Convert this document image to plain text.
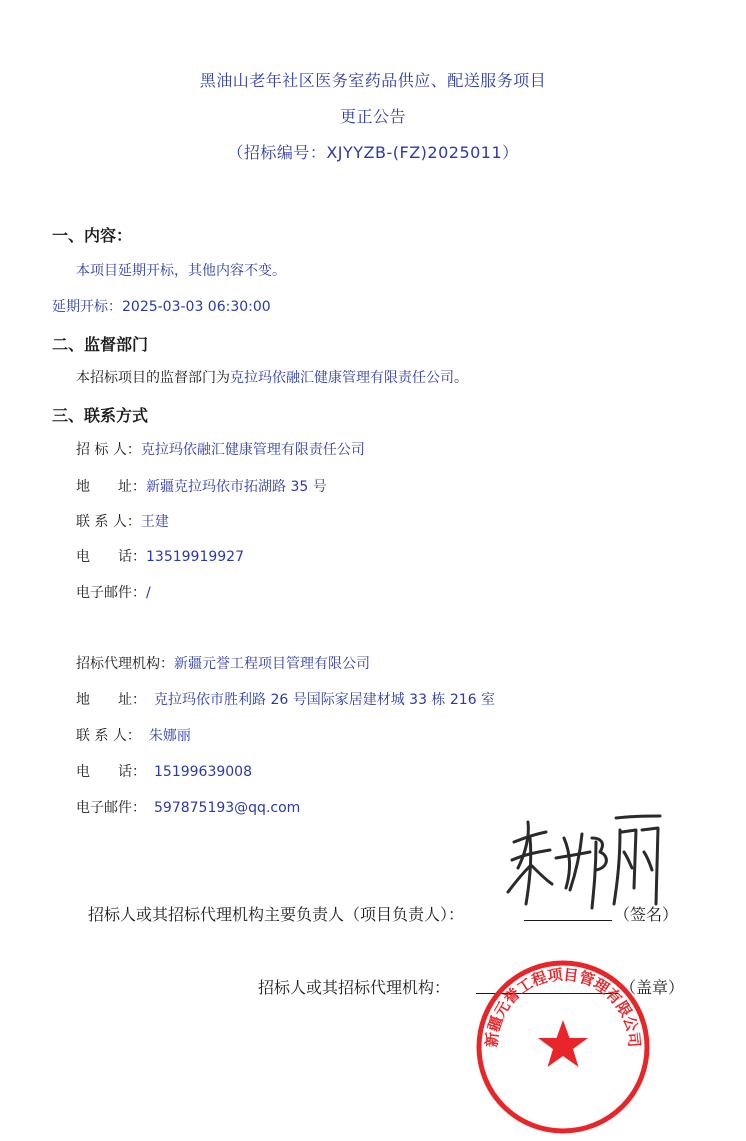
黑油山老年社区医务室药品供应、配送服务项目
更正公告
（招标编号：XJYYZB-(FZ)2025011）
一、内容：
本项目延期开标，其他内容不变。
延期开标：2025-03-03 06:30:00
二、监督部门
本招标项目的监督部门为克拉玛依融汇健康管理有限责任公司。
三、联系方式
招 标 人：克拉玛依融汇健康管理有限责任公司
地　　址：新疆克拉玛依市拓湖路 35 号
联 系 人：王建
电　　话：13519919927
电子邮件：/
招标代理机构：新疆元誉工程项目管理有限公司
地　　址： 克拉玛依市胜利路 26 号国际家居建材城 33 栋 216 室
联 系 人： 朱娜丽
电　　话： 15199639008
电子邮件： 597875193@qq.com
招标人或其招标代理机构主要负责人（项目负责人）：	（签名）
招标人或其招标代理机构：	（盖章）
新疆元誉工程项目管理有限公司
